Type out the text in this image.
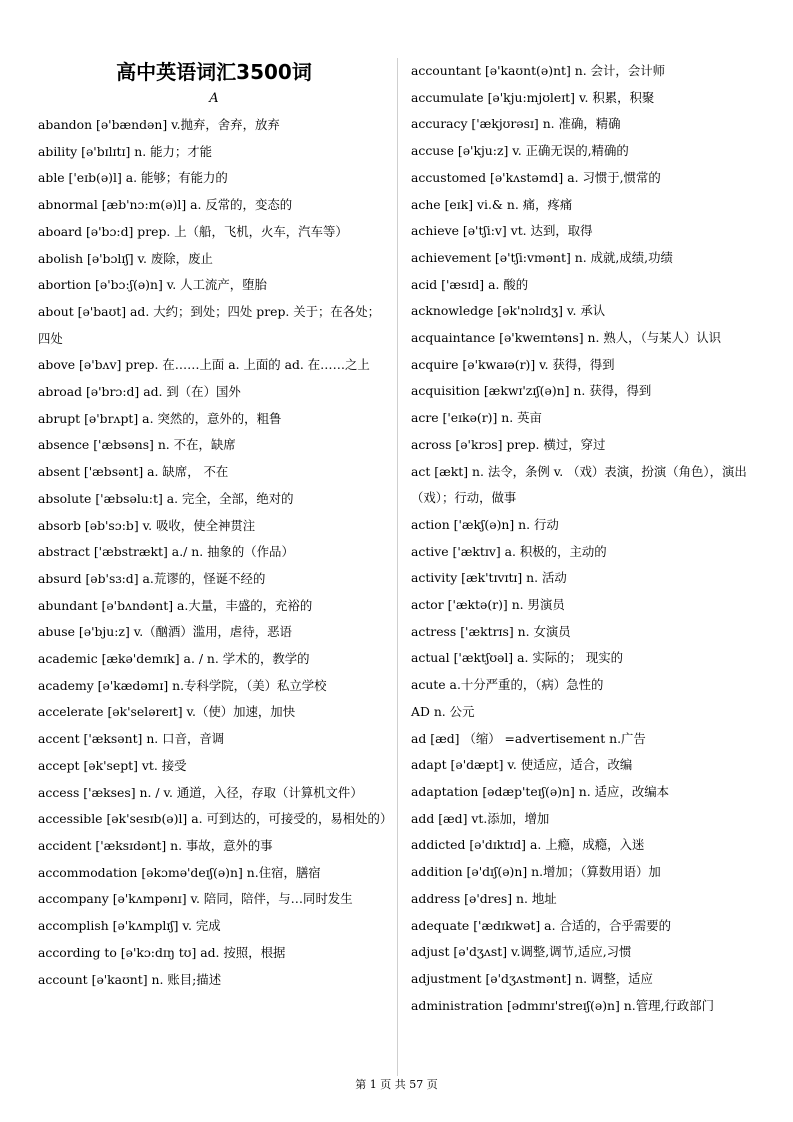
高中英语词汇3500词
A

abandon [ə'bændən] v.抛弃，舍弃，放弃

ability [ə'bɪlɪtɪ] n. 能力；才能

able ['eɪb(ə)l] a. 能够；有能力的

abnormal [æb'nɔ:m(ə)l] a. 反常的，变态的

aboard [ə'bɔ:d] prep. 上（船，飞机，火车，汽车等）

abolish [ə'bɔlɪʃ] v. 废除，废止

abortion [ə'bɔ:ʃ(ə)n] v. 人工流产，堕胎

about [ə'baʊt] ad. 大约；到处；四处 prep. 关于；在各处；四处

above [ə'bʌv] prep. 在……上面 a. 上面的 ad. 在……之上

abroad [ə'brɔ:d] ad. 到（在）国外

abrupt [ə'brʌpt] a. 突然的，意外的，粗鲁

absence ['æbsəns] n. 不在，缺席

absent ['æbsənt] a. 缺席， 不在

absolute ['æbsəlu:t] a. 完全，全部，绝对的

absorb [əb'sɔ:b] v. 吸收，使全神贯注

abstract ['æbstrækt] a./ n. 抽象的（作品）

absurd [əb'sɜ:d] a.荒谬的，怪诞不经的

abundant [ə'bʌndənt] a.大量，丰盛的，充裕的

abuse [ə'bju:z] v.（酗酒）滥用，虐待，恶语

academic [ækə'demɪk] a. / n. 学术的，教学的

academy [ə'kædəmɪ] n.专科学院，（美）私立学校

accelerate [ək'seləreɪt] v.（使）加速，加快

accent ['æksənt] n. 口音，音调

accept [ək'sept] vt. 接受

access ['ækses] n. / v. 通道，入径，存取（计算机文件）

accessible [ək'sesɪb(ə)l] a. 可到达的，可接受的，易相处的）

accident ['æksɪdənt] n. 事故，意外的事

accommodation [əkɔmə'deɪʃ(ə)n] n.住宿，膳宿

accompany [ə'kʌmpənɪ] v. 陪同，陪伴，与…同时发生

accomplish [ə'kʌmplɪʃ] v. 完成

according to [ə'kɔ:dɪŋ tʊ] ad. 按照，根据

account [ə'kaʊnt] n. 账目;描述

accountant [ə'kaʊnt(ə)nt] n. 会计，会计师

accumulate [ə'kju:mjʊleɪt] v. 积累，积聚

accuracy ['ækjʊrəsɪ] n. 准确，精确

accuse [ə'kju:z] v. 正确无误的,精确的

accustomed [ə'kʌstəmd] a. 习惯于,惯常的

ache [eɪk] vi.& n. 痛，疼痛

achieve [ə'tʃi:v] vt. 达到，取得

achievement [ə'tʃi:vmənt] n. 成就,成绩,功绩

acid ['æsɪd] a. 酸的

acknowledge [ək'nɔlɪdʒ] v. 承认

acquaintance [ə'kweɪntəns] n. 熟人，（与某人）认识

acquire [ə'kwaɪə(r)] v. 获得，得到

acquisition [ækwɪ'zɪʃ(ə)n] n. 获得，得到

acre ['eɪkə(r)] n. 英亩

across [ə'krɔs] prep. 横过，穿过

act [ækt] n. 法令，条例 v. （戏）表演，扮演（角色），演出（戏）；行动，做事

action ['ækʃ(ə)n] n. 行动

active ['æktɪv] a. 积极的，主动的

activity [æk'tɪvɪtɪ] n. 活动

actor ['æktə(r)] n. 男演员

actress ['æktrɪs] n. 女演员

actual ['æktʃʊəl] a. 实际的； 现实的

acute a.十分严重的，（病）急性的

AD n. 公元

ad [æd] （缩） =advertisement n.广告

adapt [ə'dæpt] v. 使适应，适合，改编

adaptation [ədæp'teɪʃ(ə)n] n. 适应，改编本

add [æd] vt.添加，增加

addicted [ə'dɪktɪd] a. 上瘾，成瘾，入迷

addition [ə'dɪʃ(ə)n] n.增加；（算数用语）加

address [ə'dres] n. 地址

adequate ['ædɪkwət] a. 合适的，合乎需要的

adjust [ə'dʒʌst] v.调整,调节,适应,习惯

adjustment [ə'dʒʌstmənt] n. 调整，适应

administration [ədmɪnɪ'streɪʃ(ə)n] n.管理,行政部门

第 1 页 共 57 页
